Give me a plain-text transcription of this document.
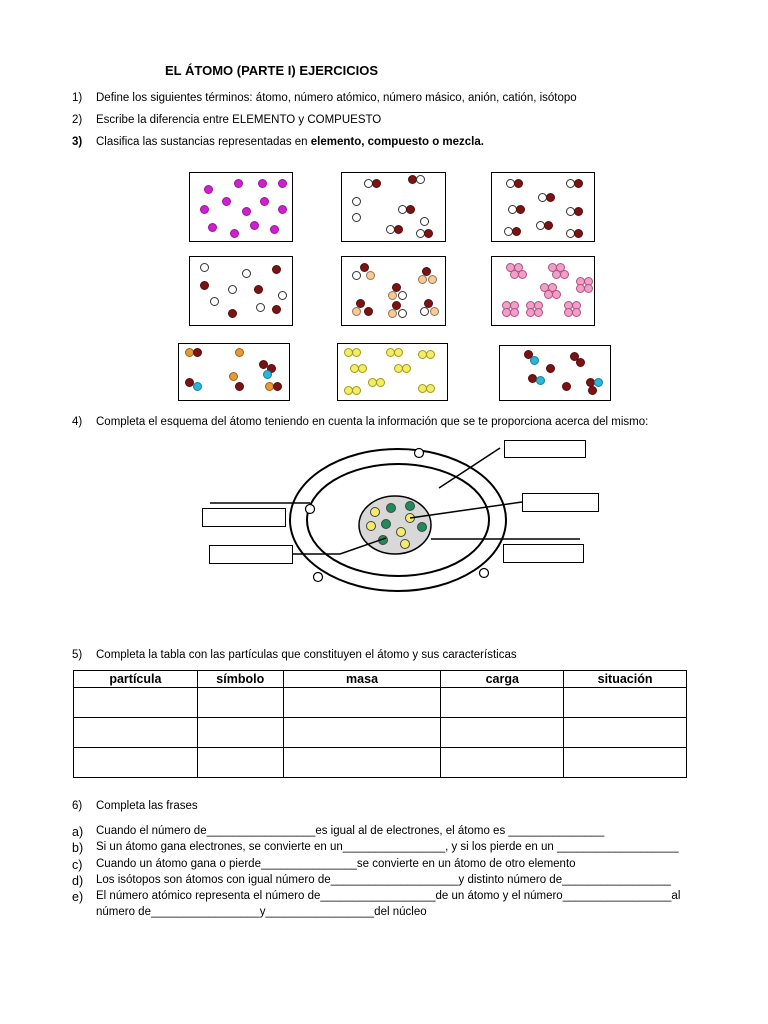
EL ÁTOMO (PARTE I) EJERCICIOS
1) Define los siguientes términos: átomo, número atómico, número másico, anión, catión, isótopo
2) Escribe la diferencia entre ELEMENTO y COMPUESTO
3) Clasifica las sustancias representadas en elemento, compuesto o mezcla.
4) Completa el esquema del átomo teniendo en cuenta la información que se te proporciona acerca del mismo:
5) Completa la tabla con las partículas que constituyen el átomo y sus características
partícula	símbolo	masa	carga	situación

6) Completa las frases
a) Cuando el número de_________________es igual al de electrones, el átomo es _______________
b) Si un átomo gana electrones, se convierte en un________________, y si los pierde en un ___________________
c) Cuando un átomo gana o pierde_______________se convierte en un átomo de otro elemento
d) Los isótopos son átomos con igual número de____________________y distinto número de_________________
e) El número atómico representa el número de__________________de un átomo y el número_________________al
número de_________________y_________________del núcleo
